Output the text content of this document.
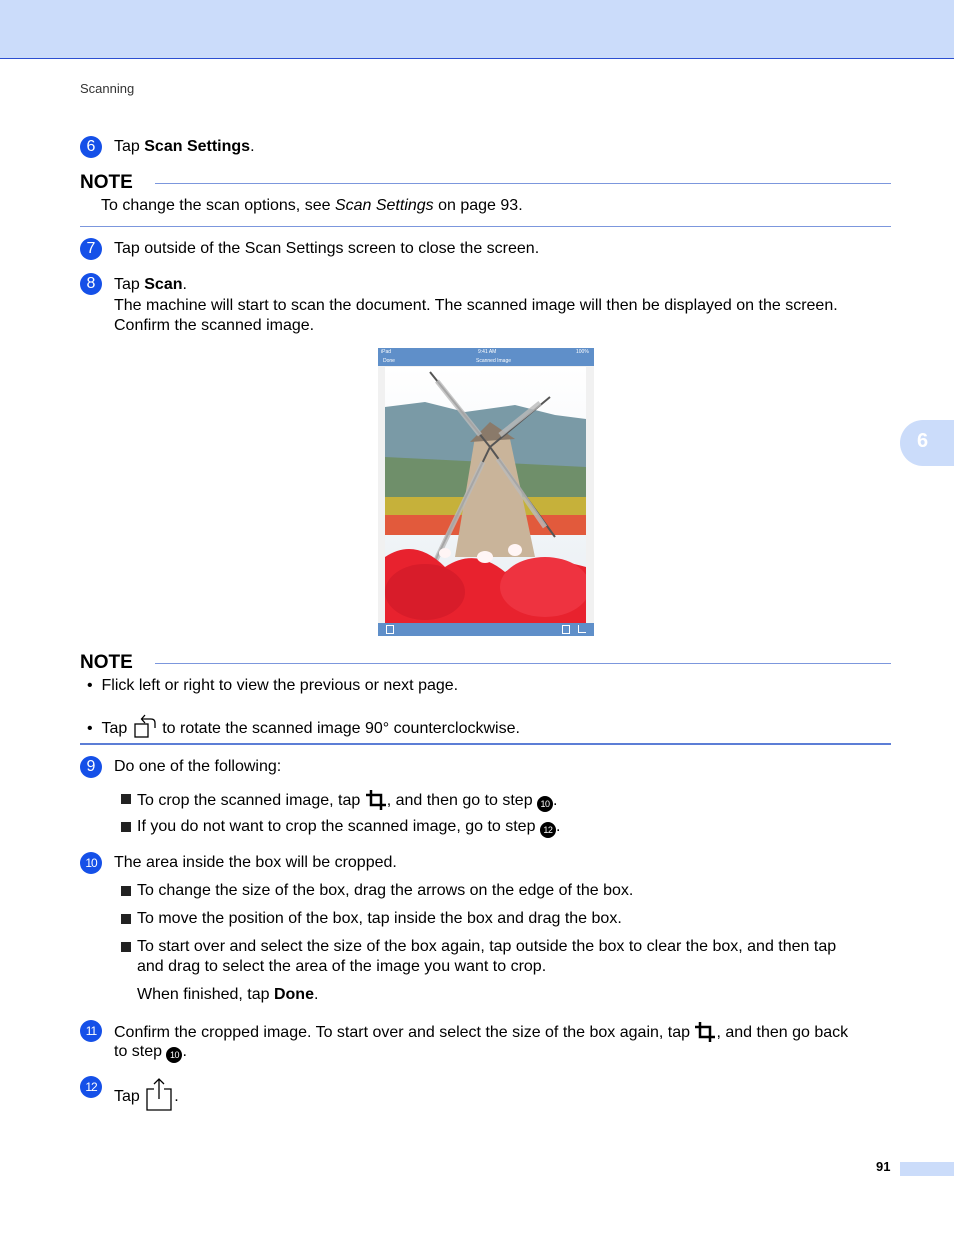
Scanning
6
6	Tap Scan Settings.
NOTE
To change the scan options, see Scan Settings on page 93.
7	Tap outside of the Scan Settings screen to close the screen.
8	Tap Scan.
The machine will start to scan the document. The scanned image will then be displayed on the screen.
Confirm the scanned image.
iPad	9:41 AM	100%
Done	Scanned Image
NOTE
• Flick left or right to view the previous or next page.
• Tap to rotate the scanned image 90° counterclockwise.
9	Do one of the following:
To crop the scanned image, tap , and then go to step 10 .
If you do not want to crop the scanned image, go to step 12 .
10	The area inside the box will be cropped.
To change the size of the box, drag the arrows on the edge of the box.
To move the position of the box, tap inside the box and drag the box.
To start over and select the size of the box again, tap outside the box to clear the box, and then tap
and drag to select the area of the image you want to crop.
When finished, tap Done.
11	Confirm the cropped image. To start over and select the size of the box again, tap , and then go back
to step 10 .
12
Tap .
91
